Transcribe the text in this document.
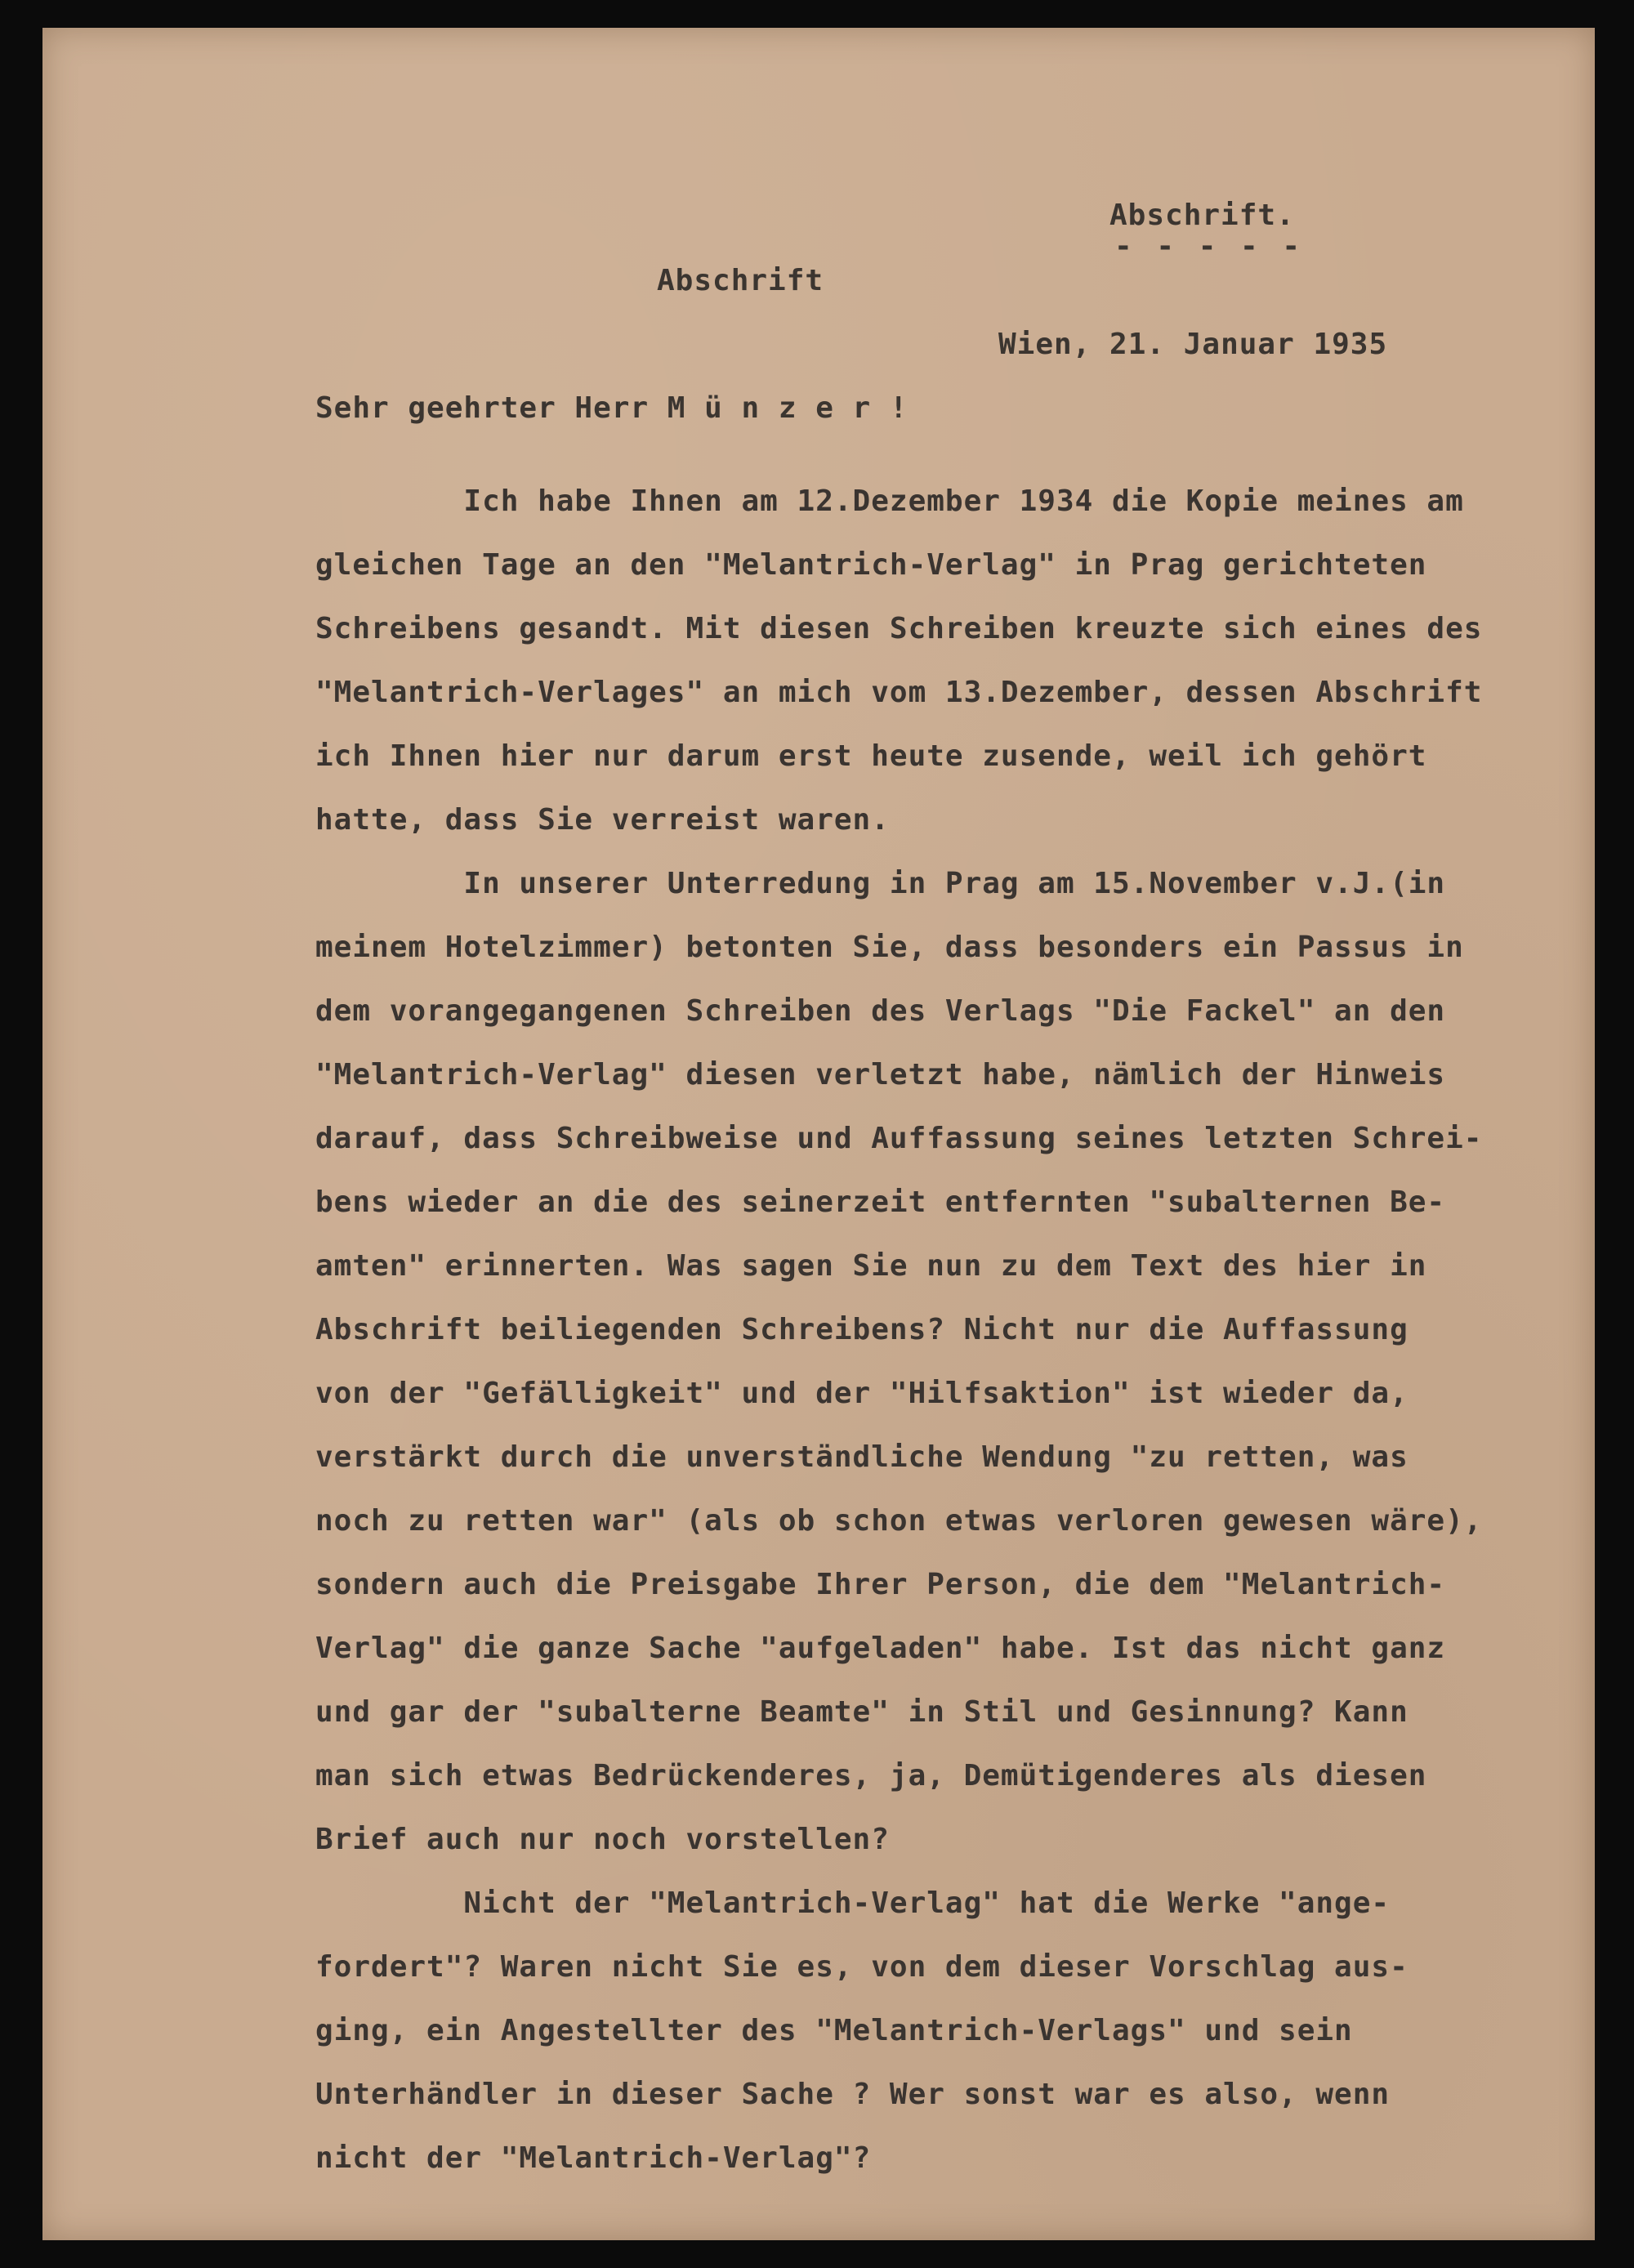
Abschrift.
- - - - -
Abschrift
Wien, 21. Januar 1935
Sehr geehrter Herr M ü n z e r !
Ich habe Ihnen am 12.Dezember 1934 die Kopie meines am
gleichen Tage an den "Melantrich-Verlag" in Prag gerichteten
Schreibens gesandt. Mit diesen Schreiben kreuzte sich eines des
"Melantrich-Verlages" an mich vom 13.Dezember, dessen Abschrift
ich Ihnen hier nur darum erst heute zusende, weil ich gehört
hatte, dass Sie verreist waren.
In unserer Unterredung in Prag am 15.November v.J.(in
meinem Hotelzimmer) betonten Sie, dass besonders ein Passus in
dem vorangegangenen Schreiben des Verlags "Die Fackel" an den
"Melantrich-Verlag" diesen verletzt habe, nämlich der Hinweis
darauf, dass Schreibweise und Auffassung seines letzten Schrei-
bens wieder an die des seinerzeit entfernten "subalternen Be-
amten" erinnerten. Was sagen Sie nun zu dem Text des hier in
Abschrift beiliegenden Schreibens? Nicht nur die Auffassung
von der "Gefälligkeit" und der "Hilfsaktion" ist wieder da,
verstärkt durch die unverständliche Wendung "zu retten, was
noch zu retten war" (als ob schon etwas verloren gewesen wäre),
sondern auch die Preisgabe Ihrer Person, die dem "Melantrich-
Verlag" die ganze Sache "aufgeladen" habe. Ist das nicht ganz
und gar der "subalterne Beamte" in Stil und Gesinnung? Kann
man sich etwas Bedrückenderes, ja, Demütigenderes als diesen
Brief auch nur noch vorstellen?
Nicht der "Melantrich-Verlag" hat die Werke "ange-
fordert"? Waren nicht Sie es, von dem dieser Vorschlag aus-
ging, ein Angestellter des "Melantrich-Verlags" und sein
Unterhändler in dieser Sache ? Wer sonst war es also, wenn
nicht der "Melantrich-Verlag"?
